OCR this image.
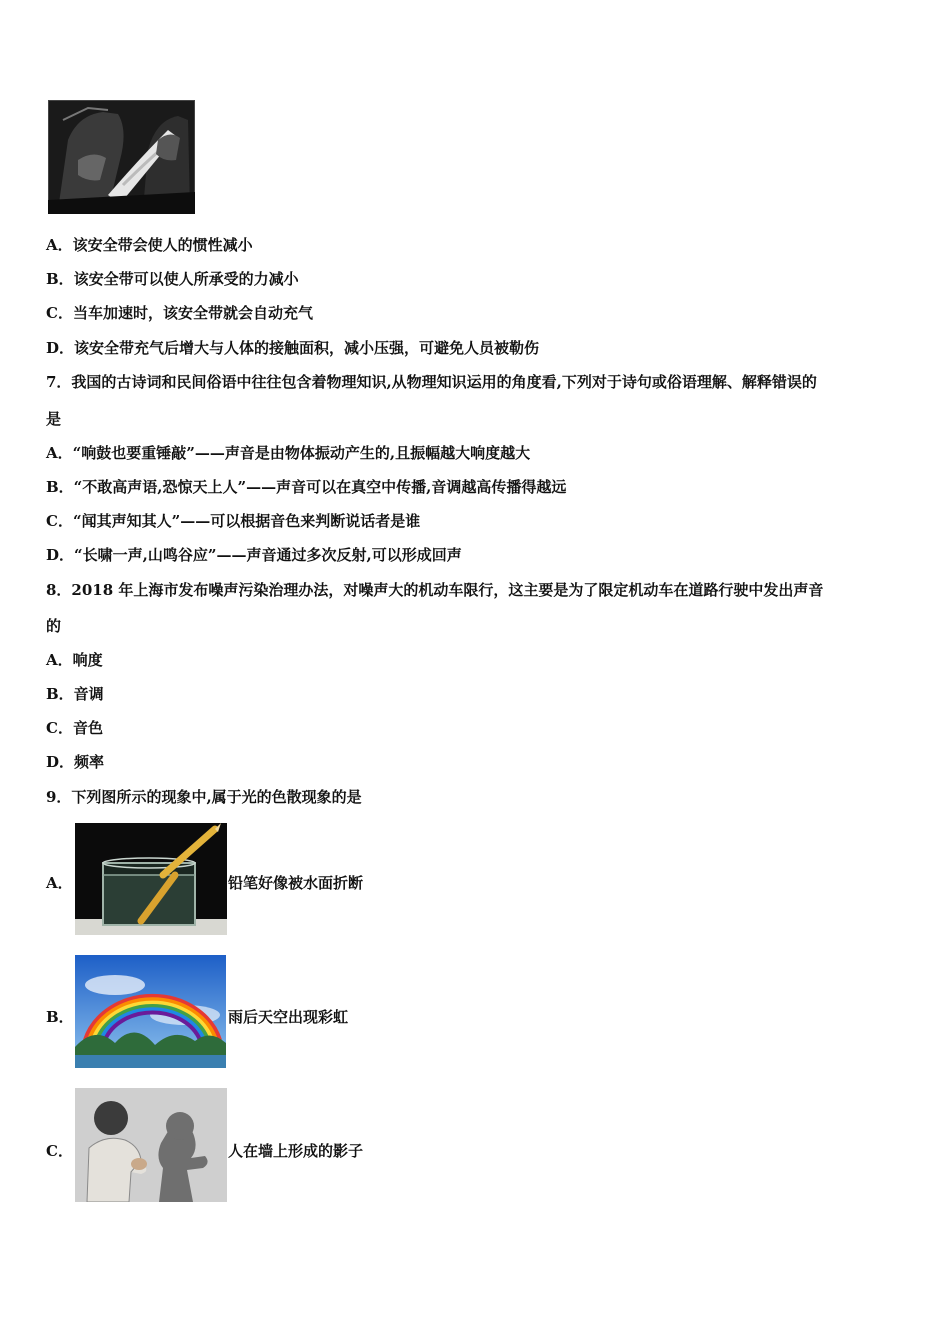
A．该安全带会使人的惯性减小
B．该安全带可以使人所承受的力减小
C．当车加速时，该安全带就会自动充气
D．该安全带充气后增大与人体的接触面积，减小压强，可避免人员被勒伤
7．我国的古诗词和民间俗语中往往包含着物理知识,从物理知识运用的角度看,下列对于诗句或俗语理解、解释错误的
是
A．“响鼓也要重锤敲”——声音是由物体振动产生的,且振幅越大响度越大
B．“不敢高声语,恐惊天上人”——声音可以在真空中传播,音调越高传播得越远
C．“闻其声知其人”——可以根据音色来判断说话者是谁
D．“长啸一声,山鸣谷应”——声音通过多次反射,可以形成回声
8．2018 年上海市发布噪声污染治理办法，对噪声大的机动车限行，这主要是为了限定机动车在道路行驶中发出声音
的
A．响度
B．音调
C．音色
D．频率
9．下列图所示的现象中,属于光的色散现象的是
A．	铅笔好像被水面折断
B．	雨后天空出现彩虹
C．	人在墙上形成的影子
